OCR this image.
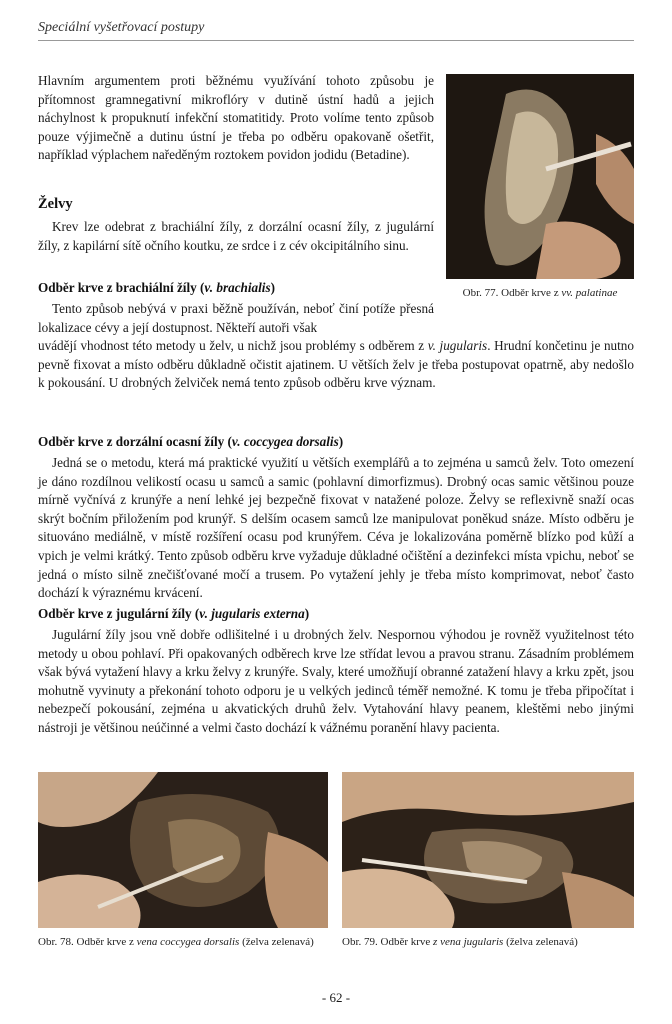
Speciální vyšetřovací postupy

Hlavním argumentem proti běžnému využívání tohoto způsobu je přítomnost gramnegativní mikroflóry v dutině ústní hadů a jejich náchylnost k propuknutí infekční stomatitidy. Proto volíme tento způsob pouze výjimečně a dutinu ústní je třeba po odběru opakovaně ošetřit, například výplachem naředěným roztokem povidon jodidu (Betadine).

Obr. 77. Odběr krve z vv. palatinae
Želvy

Krev lze odebrat z brachiální žíly, z dorzální ocasní žíly, z jugulární žíly, z kapilární sítě očního koutku, ze srdce i z cév okcipitálního sinu.

Odběr krve z brachiální žíly (v. brachialis)

Tento způsob nebývá v praxi běžně používán, neboť činí potíže přesná lokalizace cévy a její dostupnost. Někteří autoři však

uvádějí vhodnost této metody u želv, u nichž jsou problémy s odběrem z v. jugularis. Hrudní končetinu je nutno pevně fixovat a místo odběru důkladně očistit ajatinem. U větších želv je třeba postupovat opatrně, aby nedošlo k pokousání. U drobných želviček nemá tento způsob odběru krve význam.

Odběr krve z dorzální ocasní žíly (v. coccygea dorsalis)

Jedná se o metodu, která má praktické využití u větších exemplářů a to zejména u samců želv. Toto omezení je dáno rozdílnou velikostí ocasu u samců a samic (pohlavní dimorfizmus). Drobný ocas samic většinou pouze mírně vyčnívá z krunýře a není lehké jej bezpečně fixovat v natažené poloze. Želvy se reflexivně snaží ocas skrýt bočním přiložením pod krunýř. S delším ocasem samců lze manipulovat poněkud snáze. Místo odběru je situováno mediálně, v místě rozšíření ocasu pod krunýřem. Céva je lokalizována poměrně blízko pod kůží a vpich je velmi krátký. Tento způsob odběru krve vyžaduje důkladné očištění a dezinfekci místa vpichu, neboť se jedná o místo silně znečišťované močí a trusem. Po vytažení jehly je třeba místo komprimovat, neboť často dochází k výraznému krvácení.

Odběr krve z jugulární žíly (v. jugularis externa)

Jugulární žíly jsou vně dobře odlišitelné i u drobných želv. Nespornou výhodou je rovněž využitelnost této metody u obou pohlaví. Při opakovaných odběrech krve lze střídat levou a pravou stranu. Zásadním problémem však bývá vytažení hlavy a krku želvy z krunýře. Svaly, které umožňují obranné zatažení hlavy a krku zpět, jsou mohutně vyvinuty a překonání tohoto odporu je u velkých jedinců téměř nemožné. K tomu je třeba připočítat i nebezpečí pokousání, zejména u akvatických druhů želv. Vytahování hlavy peanem, kleštěmi nebo jinými nástroji je většinou neúčinné a velmi často dochází k vážnému poranění hlavy pacienta.

Obr. 78. Odběr krve z vena coccygea dorsalis (želva zelenavá)	Obr. 79. Odběr krve z vena jugularis (želva zelenavá)
- 62 -
